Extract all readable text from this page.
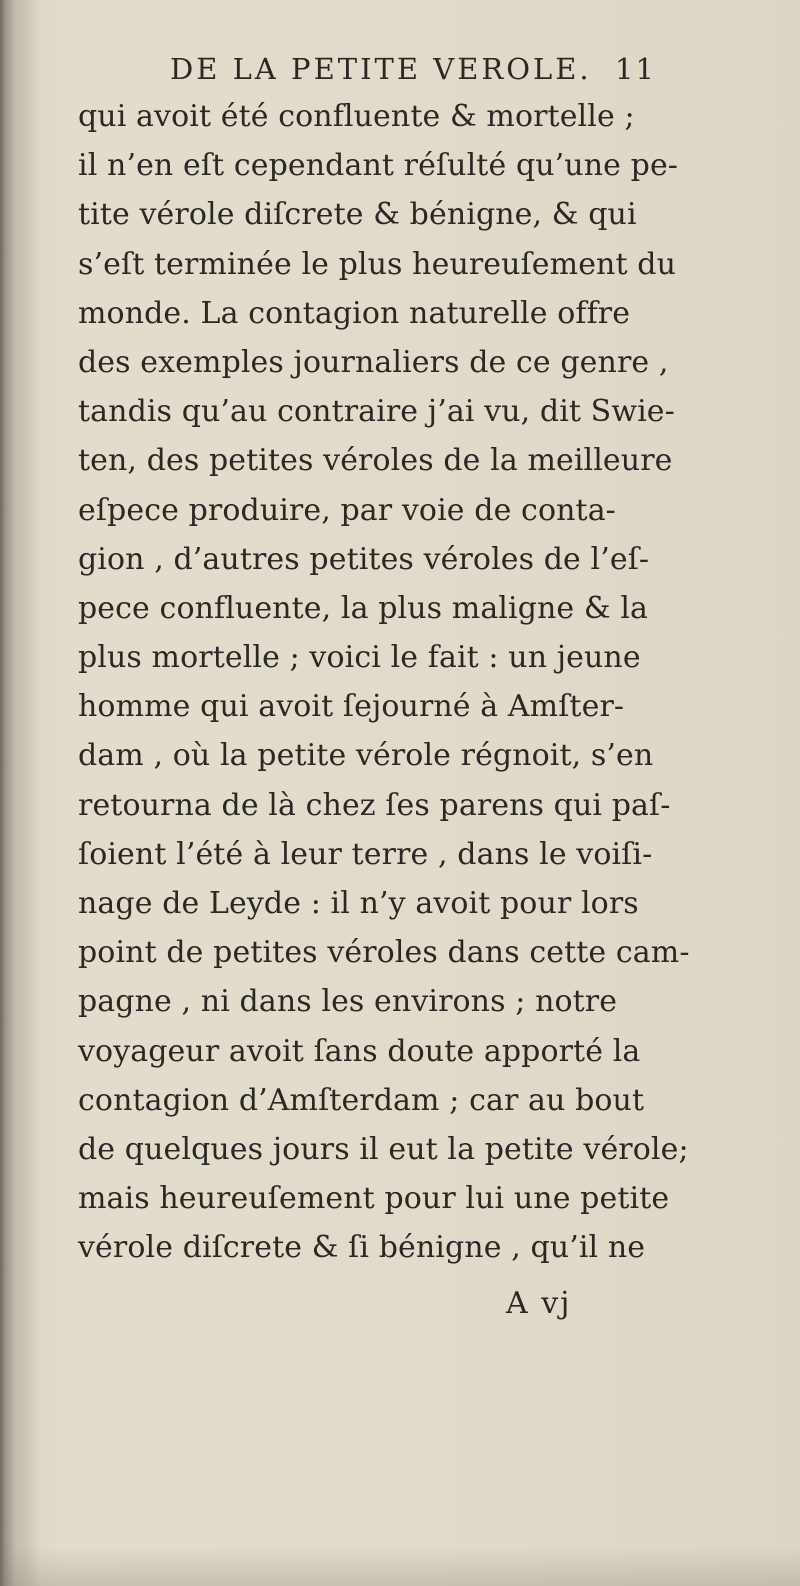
DE LA PETITE VEROLE. 11
qui avoit été confluente & mortelle ;
il n’en eſt cependant réſulté qu’une pe-
tite vérole diſcrete & bénigne, & qui
s’eſt terminée le plus heureuſement du
monde. La contagion naturelle offre
des exemples journaliers de ce genre ,
tandis qu’au contraire j’ai vu, dit Swie-
ten, des petites véroles de la meilleure
eſpece produire, par voie de conta-
gion , d’autres petites véroles de l’eſ-
pece confluente, la plus maligne & la
plus mortelle ; voici le fait : un jeune
homme qui avoit ſejourné à Amſter-
dam , où la petite vérole régnoit, s’en
retourna de là chez ſes parens qui paſ-
ſoient l’été à leur terre , dans le voiſi-
nage de Leyde : il n’y avoit pour lors
point de petites véroles dans cette cam-
pagne , ni dans les environs ; notre
voyageur avoit ſans doute apporté la
contagion d’Amſterdam ; car au bout
de quelques jours il eut la petite vérole;
mais heureuſement pour lui une petite
vérole diſcrete & ſi bénigne , qu’il ne
A vj
